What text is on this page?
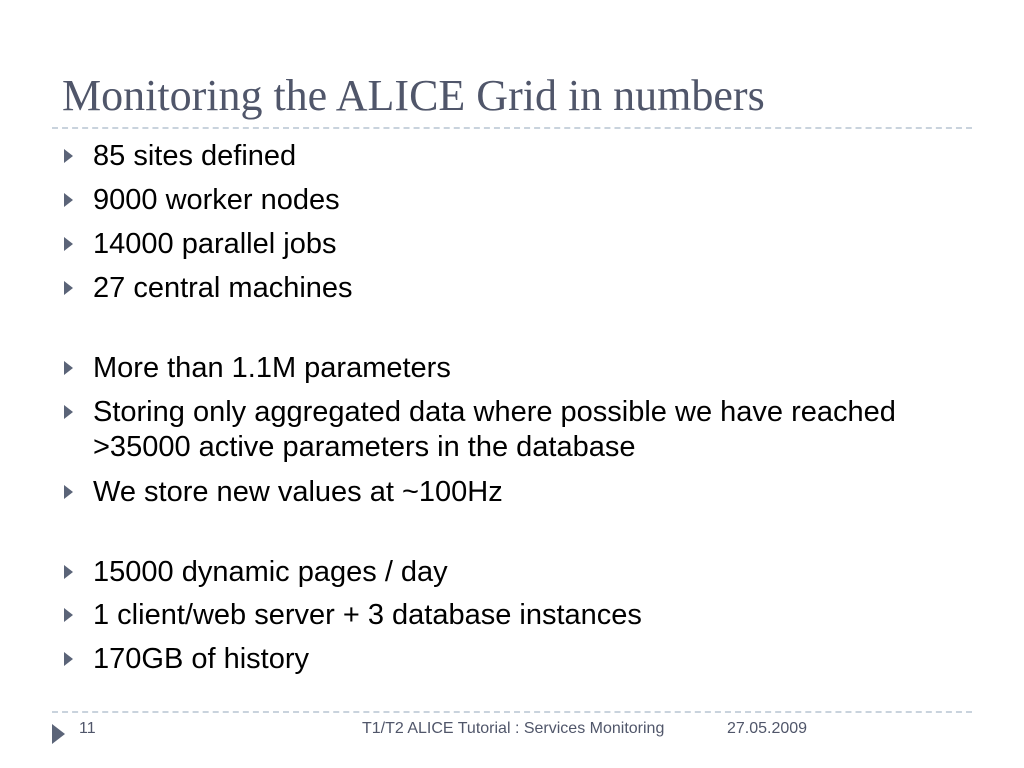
Monitoring the ALICE Grid in numbers
85 sites defined
9000 worker nodes
14000 parallel jobs
27 central machines
More than 1.1M parameters
Storing only aggregated data where possible we have reached >35000 active parameters in the database
We store new values at ~100Hz
15000 dynamic pages / day
1 client/web server + 3 database instances
170GB of history
11	T1/T2 ALICE Tutorial : Services Monitoring	27.05.2009
